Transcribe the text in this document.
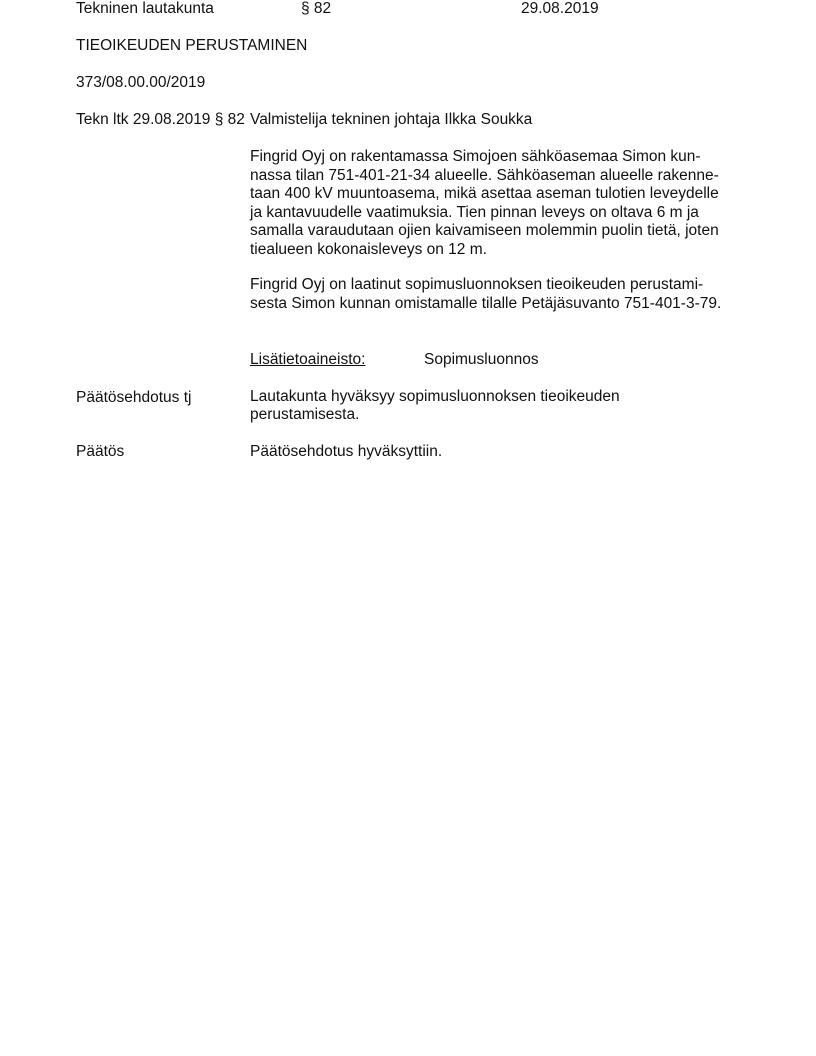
Tekninen lautakunta	§ 82	29.08.2019
TIEOIKEUDEN PERUSTAMINEN
373/08.00.00/2019
Tekn ltk 29.08.2019 § 82 Valmistelija tekninen johtaja Ilkka Soukka
Fingrid Oyj on rakentamassa Simojoen sähköasemaa Simon kun-
nassa tilan 751-401-21-34 alueelle. Sähköaseman alueelle rakenne-
taan 400 kV muuntoasema, mikä asettaa aseman tulotien leveydelle
ja kantavuudelle vaatimuksia. Tien pinnan leveys on oltava 6 m ja
samalla varaudutaan ojien kaivamiseen molemmin puolin tietä, joten
tiealueen kokonaisleveys on 12 m.
Fingrid Oyj on laatinut sopimusluonnoksen tieoikeuden perustami-
sesta Simon kunnan omistamalle tilalle Petäjäsuvanto 751-401-3-79.
Lisätietoaineisto:	Sopimusluonnos
Päätösehdotus tj	Lautakunta hyväksyy sopimusluonnoksen tieoikeuden
perustamisesta.
Päätös	Päätösehdotus hyväksyttiin.
